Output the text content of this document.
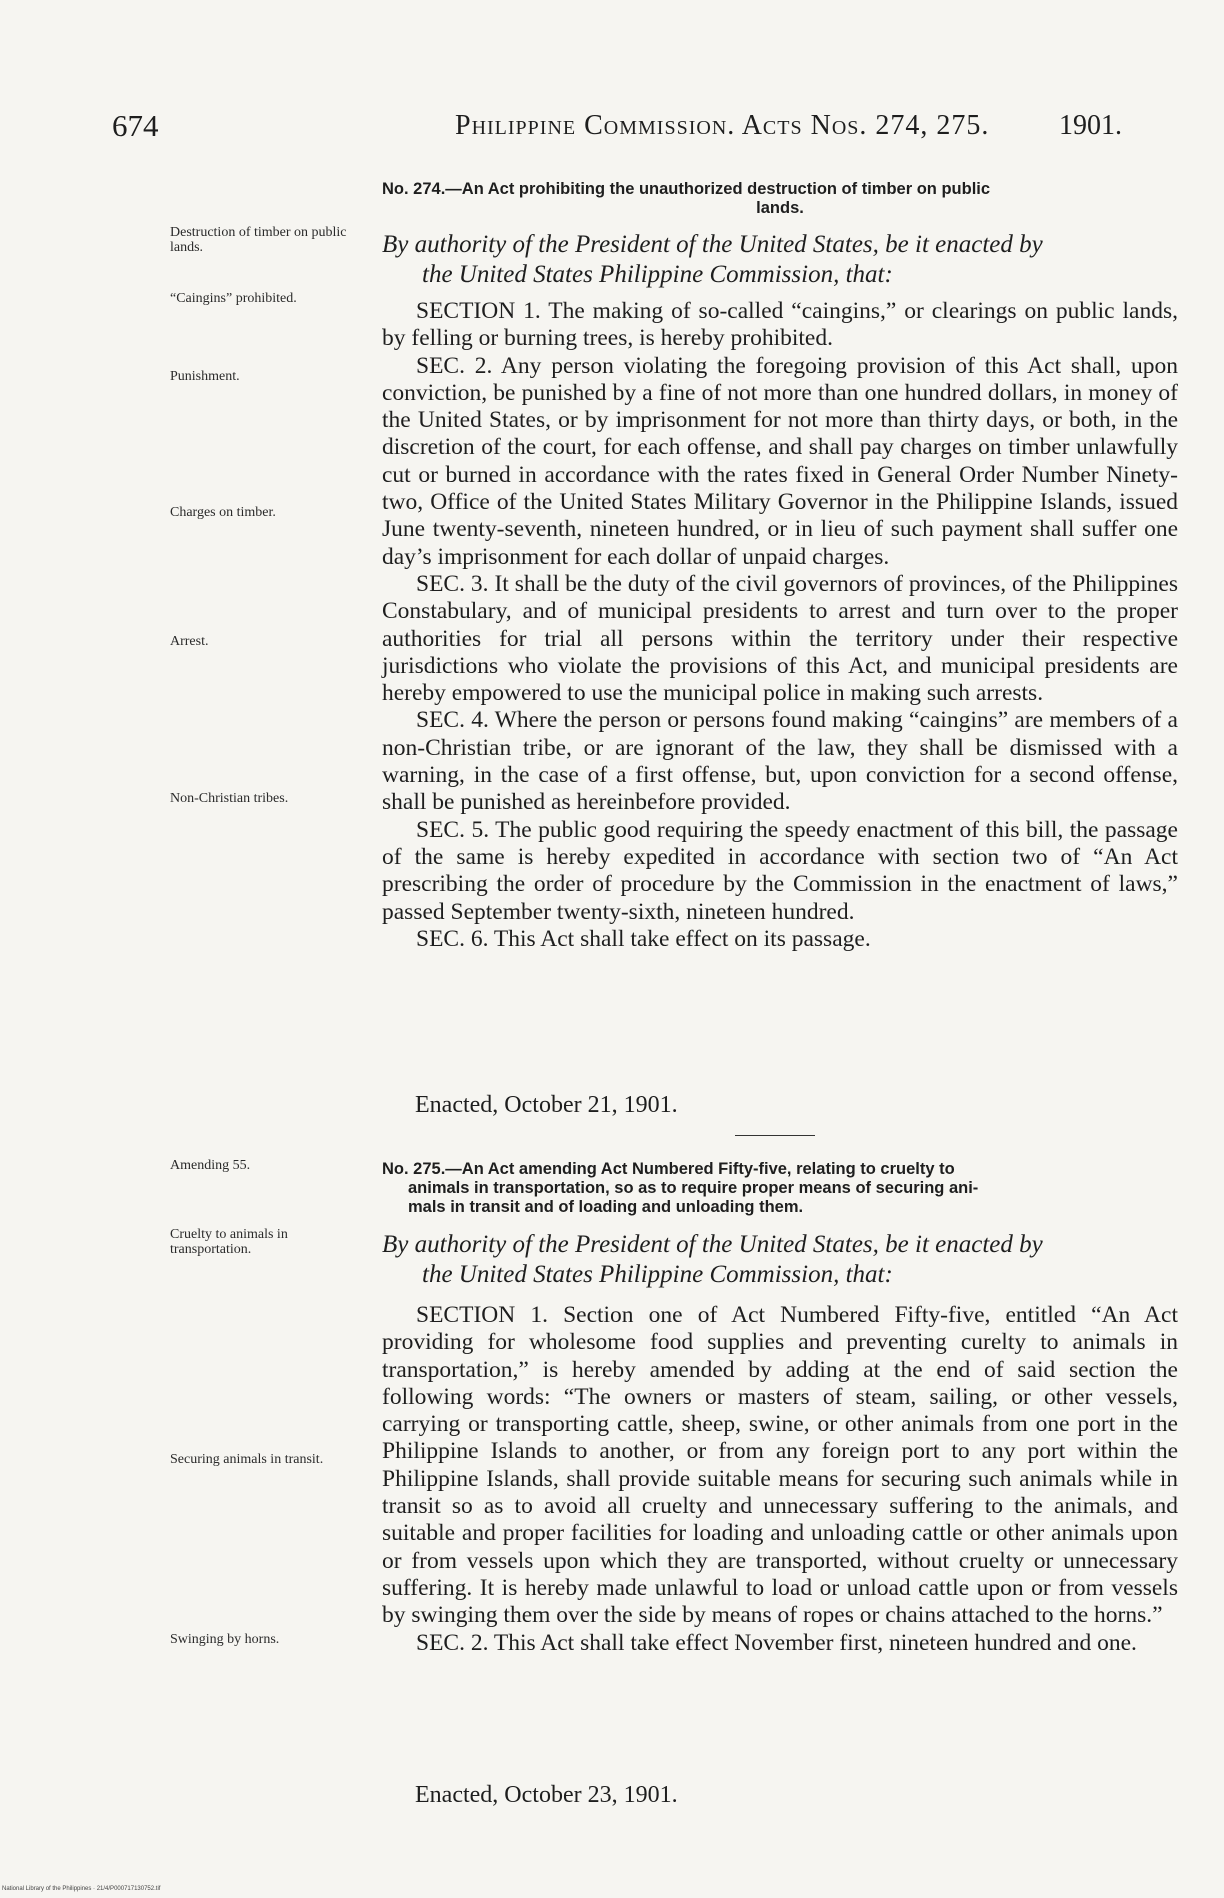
674	Philippine Commission. Acts Nos. 274, 275. 1901.
No. 274.—An Act prohibiting the unauthorized destruction of timber on public
lands.
Destruction of timber on public lands.	By authority of the President of the United States, be it enacted by
the United States Philippine Commission, that:
“Caingins” prohibited.
Punishment.
Charges on timber.
Arrest.
Non-Christian tribes.

SECTION 1. The making of so-called “caingins,” or clearings on public lands, by felling or burning trees, is hereby prohibited.

SEC. 2. Any person violating the foregoing provision of this Act shall, upon conviction, be punished by a fine of not more than one hundred dollars, in money of the United States, or by imprisonment for not more than thirty days, or both, in the discretion of the court, for each offense, and shall pay charges on timber unlawfully cut or burned in accordance with the rates fixed in General Order Number Ninety-two, Office of the United States Military Governor in the Philippine Islands, issued June twenty-seventh, nineteen hundred, or in lieu of such payment shall suffer one day’s imprisonment for each dollar of unpaid charges.

SEC. 3. It shall be the duty of the civil governors of provinces, of the Philippines Constabulary, and of municipal presidents to arrest and turn over to the proper authorities for trial all persons within the territory under their respective jurisdictions who violate the provisions of this Act, and municipal presidents are hereby empowered to use the municipal police in making such arrests.

SEC. 4. Where the person or persons found making “caingins” are members of a non-Christian tribe, or are ignorant of the law, they shall be dismissed with a warning, in the case of a first offense, but, upon conviction for a second offense, shall be punished as hereinbefore provided.

SEC. 5. The public good requiring the speedy enactment of this bill, the passage of the same is hereby expedited in accordance with section two of “An Act prescribing the order of procedure by the Commission in the enactment of laws,” passed September twenty-sixth, nineteen hundred.

SEC. 6. This Act shall take effect on its passage.

Enacted, October 21, 1901.
Amending 55.	No. 275.—An Act amending Act Numbered Fifty-five, relating to cruelty to
animals in transportation, so as to require proper means of securing ani-
mals in transit and of loading and unloading them.
Cruelty to animals in transportation.	By authority of the President of the United States, be it enacted by
the United States Philippine Commission, that:
Securing animals in transit.
Swinging by horns.

SECTION 1. Section one of Act Numbered Fifty-five, entitled “An Act providing for wholesome food supplies and preventing curelty to animals in transportation,” is hereby amended by adding at the end of said section the following words: “The owners or masters of steam, sailing, or other vessels, carrying or transporting cattle, sheep, swine, or other animals from one port in the Philippine Islands to another, or from any foreign port to any port within the Philippine Islands, shall provide suitable means for securing such animals while in transit so as to avoid all cruelty and unnecessary suffering to the animals, and suitable and proper facilities for loading and unloading cattle or other animals upon or from vessels upon which they are transported, without cruelty or unnecessary suffering. It is hereby made unlawful to load or unload cattle upon or from vessels by swinging them over the side by means of ropes or chains attached to the horns.”

SEC. 2. This Act shall take effect November first, nineteen hundred and one.

Enacted, October 23, 1901.
National Library of the Philippines · 21/4/P000717130752.tif
